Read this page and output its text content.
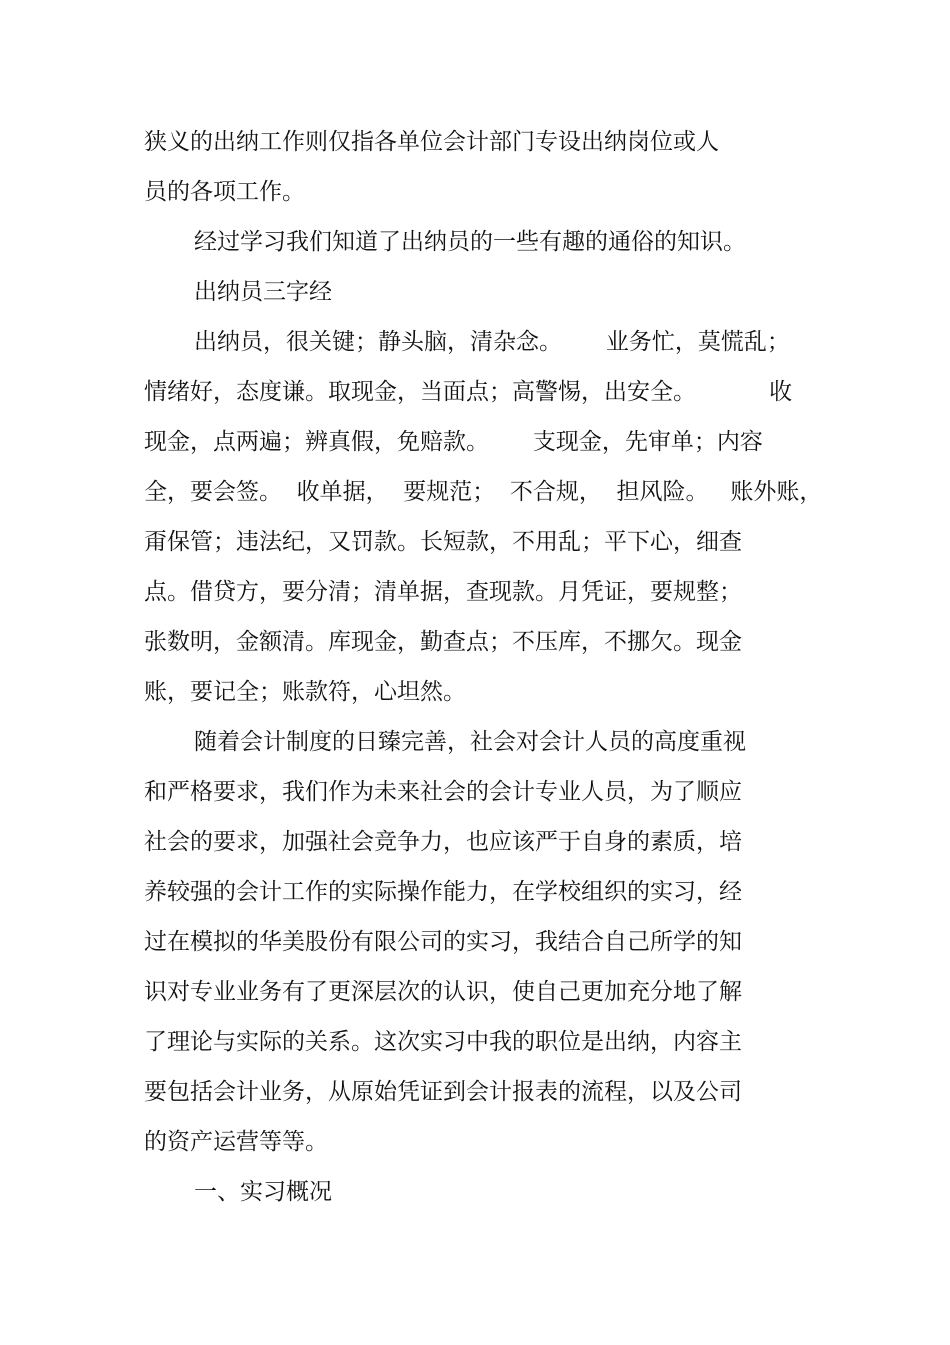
狭义的出纳工作则仅指各单位会计部门专设出纳岗位或人
员的各项工作。
经过学习我们知道了出纳员的一些有趣的通俗的知识。
出纳员三字经
出纳员，很关键；静头脑，清杂念。      业务忙，莫慌乱；
情绪好，态度谦。取现金，当面点；高警惕，出安全。          收
现金，点两遍；辨真假，免赔款。      支现金，先审单；内容
全，要会签。  收单据，  要规范；  不合规，  担风险。   账外账，
甭保管；违法纪，又罚款。长短款，不用乱；平下心，细查
点。借贷方，要分清；清单据，查现款。月凭证，要规整；
张数明，金额清。库现金，勤查点；不压库，不挪欠。现金
账，要记全；账款符，心坦然。
随着会计制度的日臻完善，社会对会计人员的高度重视
和严格要求，我们作为未来社会的会计专业人员，为了顺应
社会的要求，加强社会竞争力，也应该严于自身的素质，培
养较强的会计工作的实际操作能力，在学校组织的实习，经
过在模拟的华美股份有限公司的实习，我结合自己所学的知
识对专业业务有了更深层次的认识，使自己更加充分地了解
了理论与实际的关系。这次实习中我的职位是出纳，内容主
要包括会计业务，从原始凭证到会计报表的流程，以及公司
的资产运营等等。
一、实习概况
